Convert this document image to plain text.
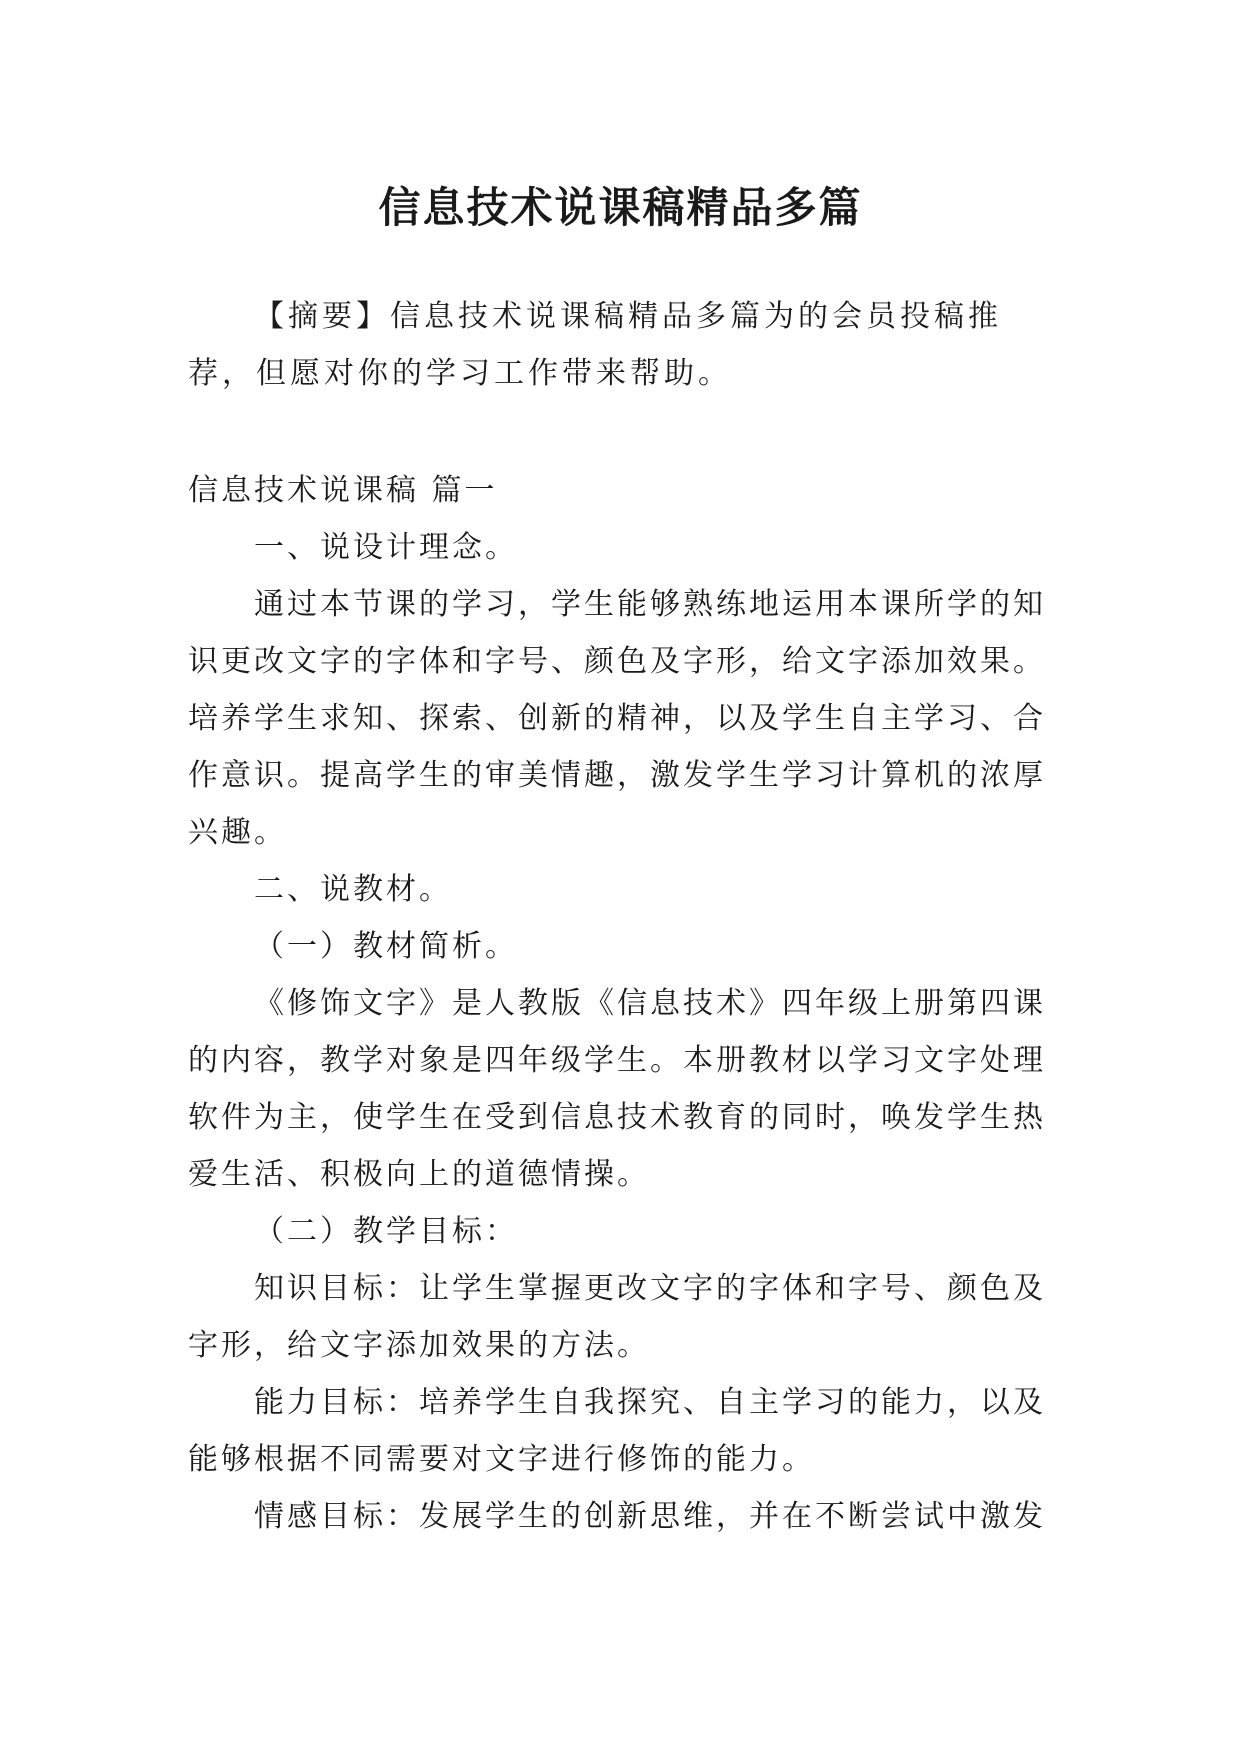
信息技术说课稿精品多篇

【摘要】信息技术说课稿精品多篇为的会员投稿推荐，但愿对你的学习工作带来帮助。

信息技术说课稿 篇一

一、说设计理念。

通过本节课的学习，学生能够熟练地运用本课所学的知识更改文字的字体和字号、颜色及字形，给文字添加效果。培养学生求知、探索、创新的精神，以及学生自主学习、合作意识。提高学生的审美情趣，激发学生学习计算机的浓厚兴趣。

二、说教材。

（一）教材简析。

《修饰文字》是人教版《信息技术》四年级上册第四课的内容，教学对象是四年级学生。本册教材以学习文字处理软件为主，使学生在受到信息技术教育的同时，唤发学生热爱生活、积极向上的道德情操。

（二）教学目标：

知识目标：让学生掌握更改文字的字体和字号、颜色及字形，给文字添加效果的方法。

能力目标：培养学生自我探究、自主学习的能力，以及能够根据不同需要对文字进行修饰的能力。

情感目标：发展学生的创新思维，并在不断尝试中激发
